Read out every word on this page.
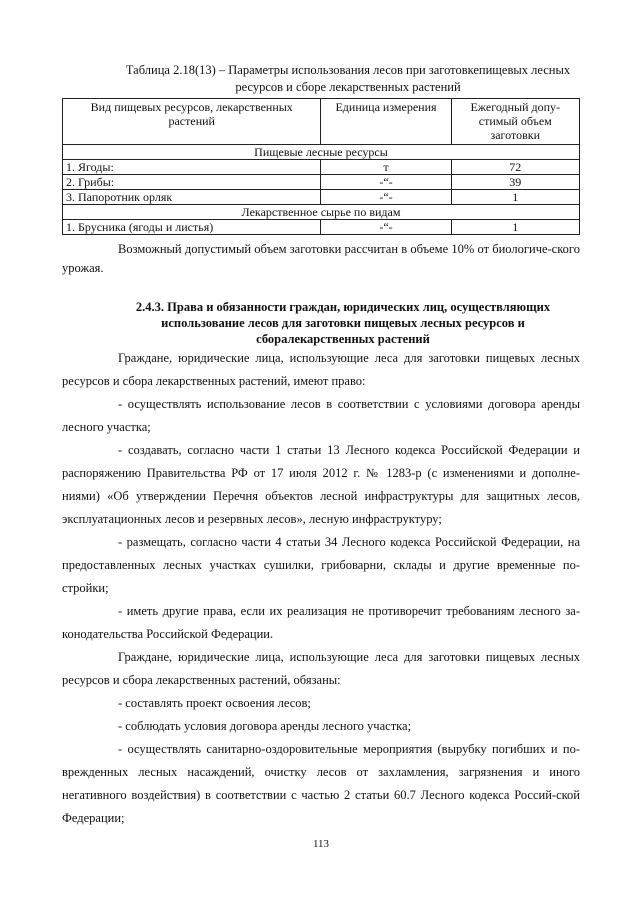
Таблица 2.18(13) – Параметры использования лесов при заготовкепищевых лесных ресурсов и сборе лекарственных растений
Вид пищевых ресурсов, лекарственных растений	Единица измерения	Ежегодный допу-стимый объем заготовки
Пищевые лесные ресурсы		
1. Ягоды:	т	72
2. Грибы:	-“-	39
3. Папоротник орляк	-“-	1
Лекарственное сырье по видам		
1. Брусника (ягоды и листья)	-“-	1
Возможный допустимый объем заготовки рассчитан в объеме 10% от биологиче-ского урожая.
2.4.3. Права и обязанности граждан, юридических лиц, осуществляющих использование лесов для заготовки пищевых лесных ресурсов и сборалекарственных растений

Граждане, юридические лица, использующие леса для заготовки пищевых лесных ресурсов и сбора лекарственных растений, имеют право:

- осуществлять использование лесов в соответствии с условиями договора аренды лесного участка;

- создавать, согласно части 1 статьи 13 Лесного кодекса Российской Федерации и распоряжению Правительства РФ от 17 июля 2012 г. № 1283-р (с изменениями и дополне-ниями) «Об утверждении Перечня объектов лесной инфраструктуры для защитных лесов, эксплуатационных лесов и резервных лесов», лесную инфраструктуру;

- размещать, согласно части 4 статьи 34 Лесного кодекса Российской Федерации, на предоставленных лесных участках сушилки, грибоварни, склады и другие временные по-стройки;

- иметь другие права, если их реализация не противоречит требованиям лесного за-конодательства Российской Федерации.

Граждане, юридические лица, использующие леса для заготовки пищевых лесных ресурсов и сбора лекарственных растений, обязаны:

- составлять проект освоения лесов;

- соблюдать условия договора аренды лесного участка;

- осуществлять санитарно-оздоровительные мероприятия (вырубку погибших и по-врежденных лесных насаждений, очистку лесов от захламления, загрязнения и иного негативного воздействия) в соответствии с частью 2 статьи 60.7 Лесного кодекса Россий-ской Федерации;

113
